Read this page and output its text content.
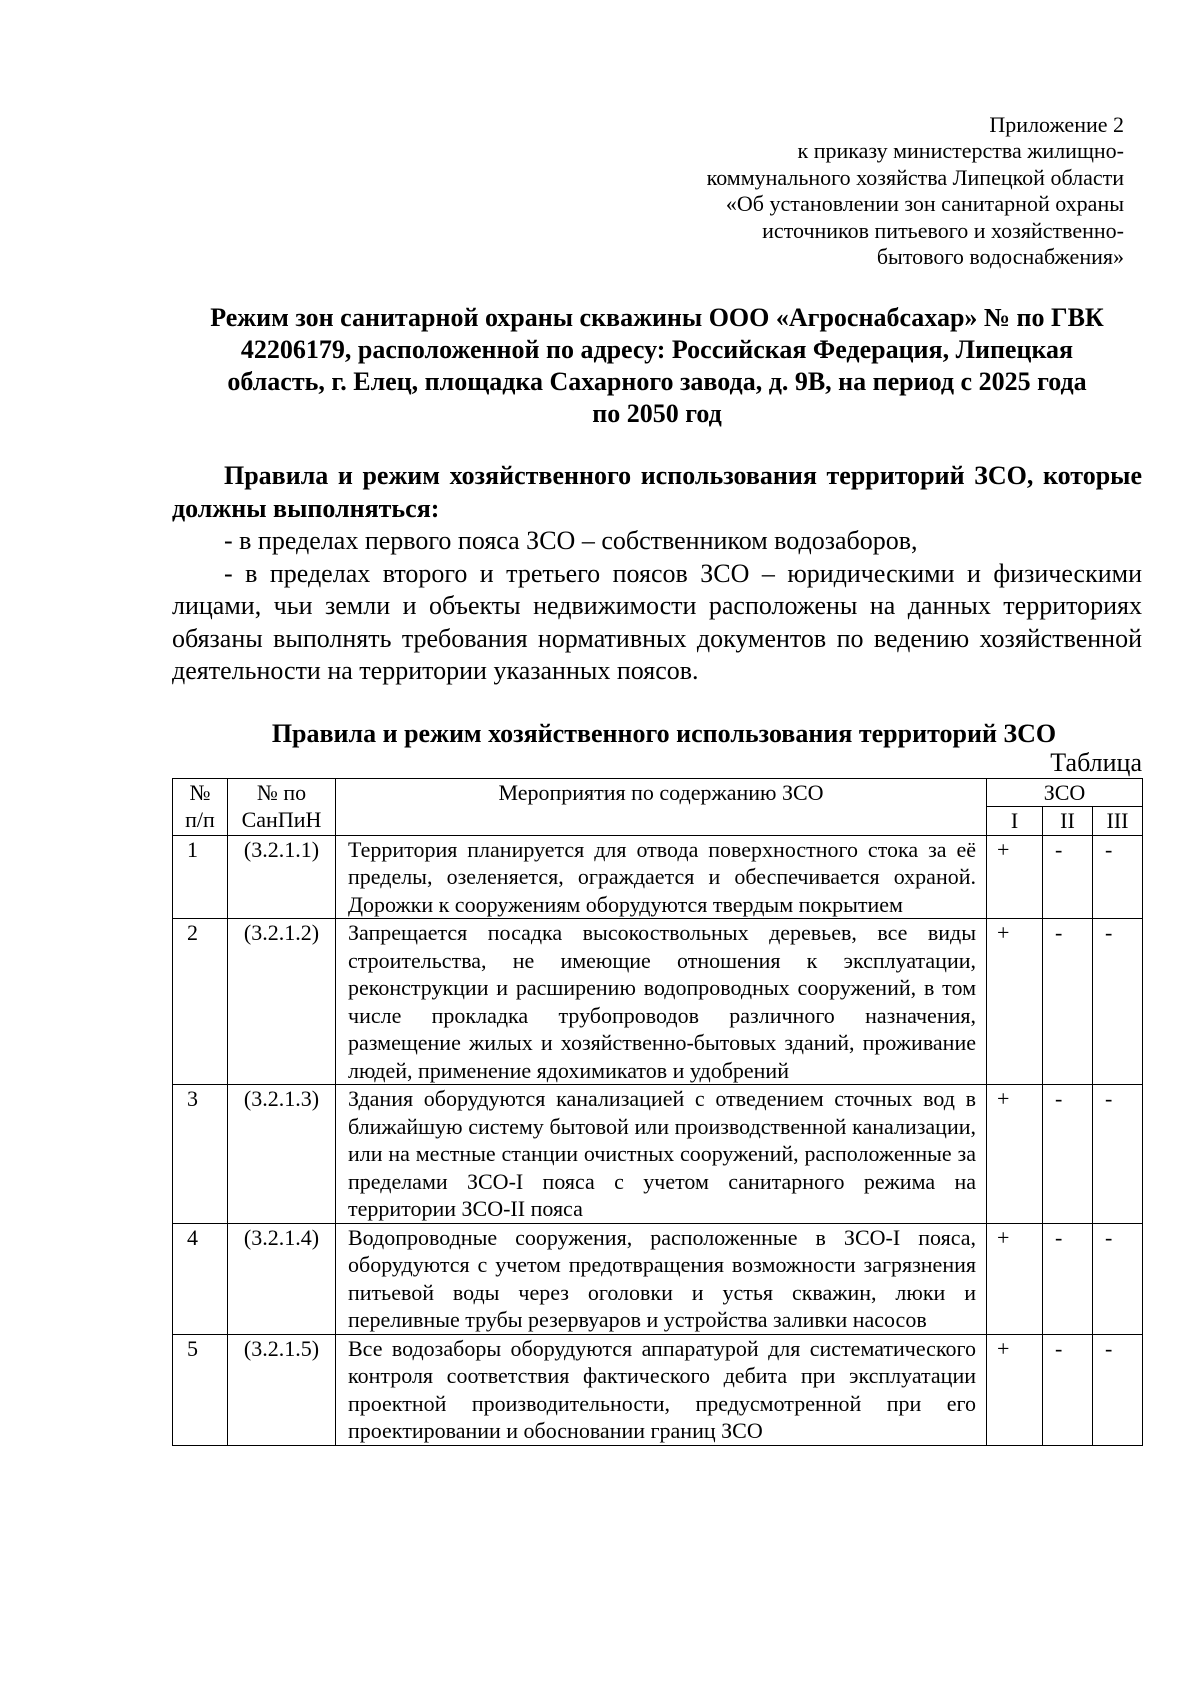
Приложение 2
к приказу министерства жилищно-
коммунального хозяйства Липецкой области
«Об установлении зон санитарной охраны
источников питьевого и хозяйственно-
бытового водоснабжения»
Режим зон санитарной охраны скважины ООО «Агроснабсахар» № по ГВК
42206179, расположенной по адресу: Российская Федерация, Липецкая
область, г. Елец, площадка Сахарного завода, д. 9В, на период с 2025 года
по 2050 год

Правила и режим хозяйственного использования территорий ЗСО, которые должны выполняться:

- в пределах первого пояса ЗСО – собственником водозаборов,

- в пределах второго и третьего поясов ЗСО – юридическими и физическими лицами, чьи земли и объекты недвижимости расположены на данных территориях обязаны выполнять требования нормативных документов по ведению хозяйственной деятельности на территории указанных поясов.

Правила и режим хозяйственного использования территорий ЗСО
Таблица
№ п/п	№ по СанПиН	Мероприятия по содержанию ЗСО	ЗСО		
			I	II	III
1	(3.2.1.1)	Территория планируется для отвода поверхностного стока за её пределы, озеленяется, ограждается и обеспечивается охраной. Дорожки к сооружениям оборудуются твердым покрытием	+	-	-
2	(3.2.1.2)	Запрещается посадка высокоствольных деревьев, все виды строительства, не имеющие отношения к эксплуатации, реконструкции и расширению водопроводных сооружений, в том числе прокладка трубопроводов различного назначения, размещение жилых и хозяйственно-бытовых зданий, проживание людей, применение ядохимикатов и удобрений	+	-	-
3	(3.2.1.3)	Здания оборудуются канализацией с отведением сточных вод в ближайшую систему бытовой или производственной канализации, или на местные станции очистных сооружений, расположенные за пределами ЗСО-I пояса с учетом санитарного режима на территории ЗСО-II пояса	+	-	-
4	(3.2.1.4)	Водопроводные сооружения, расположенные в ЗСО-I пояса, оборудуются с учетом предотвращения возможности загрязнения питьевой воды через оголовки и устья скважин, люки и переливные трубы резервуаров и устройства заливки насосов	+	-	-
5	(3.2.1.5)	Все водозаборы оборудуются аппаратурой для систематического контроля соответствия фактического дебита при эксплуатации проектной производительности, предусмотренной при его проектировании и обосновании границ ЗСО	+	-	-
